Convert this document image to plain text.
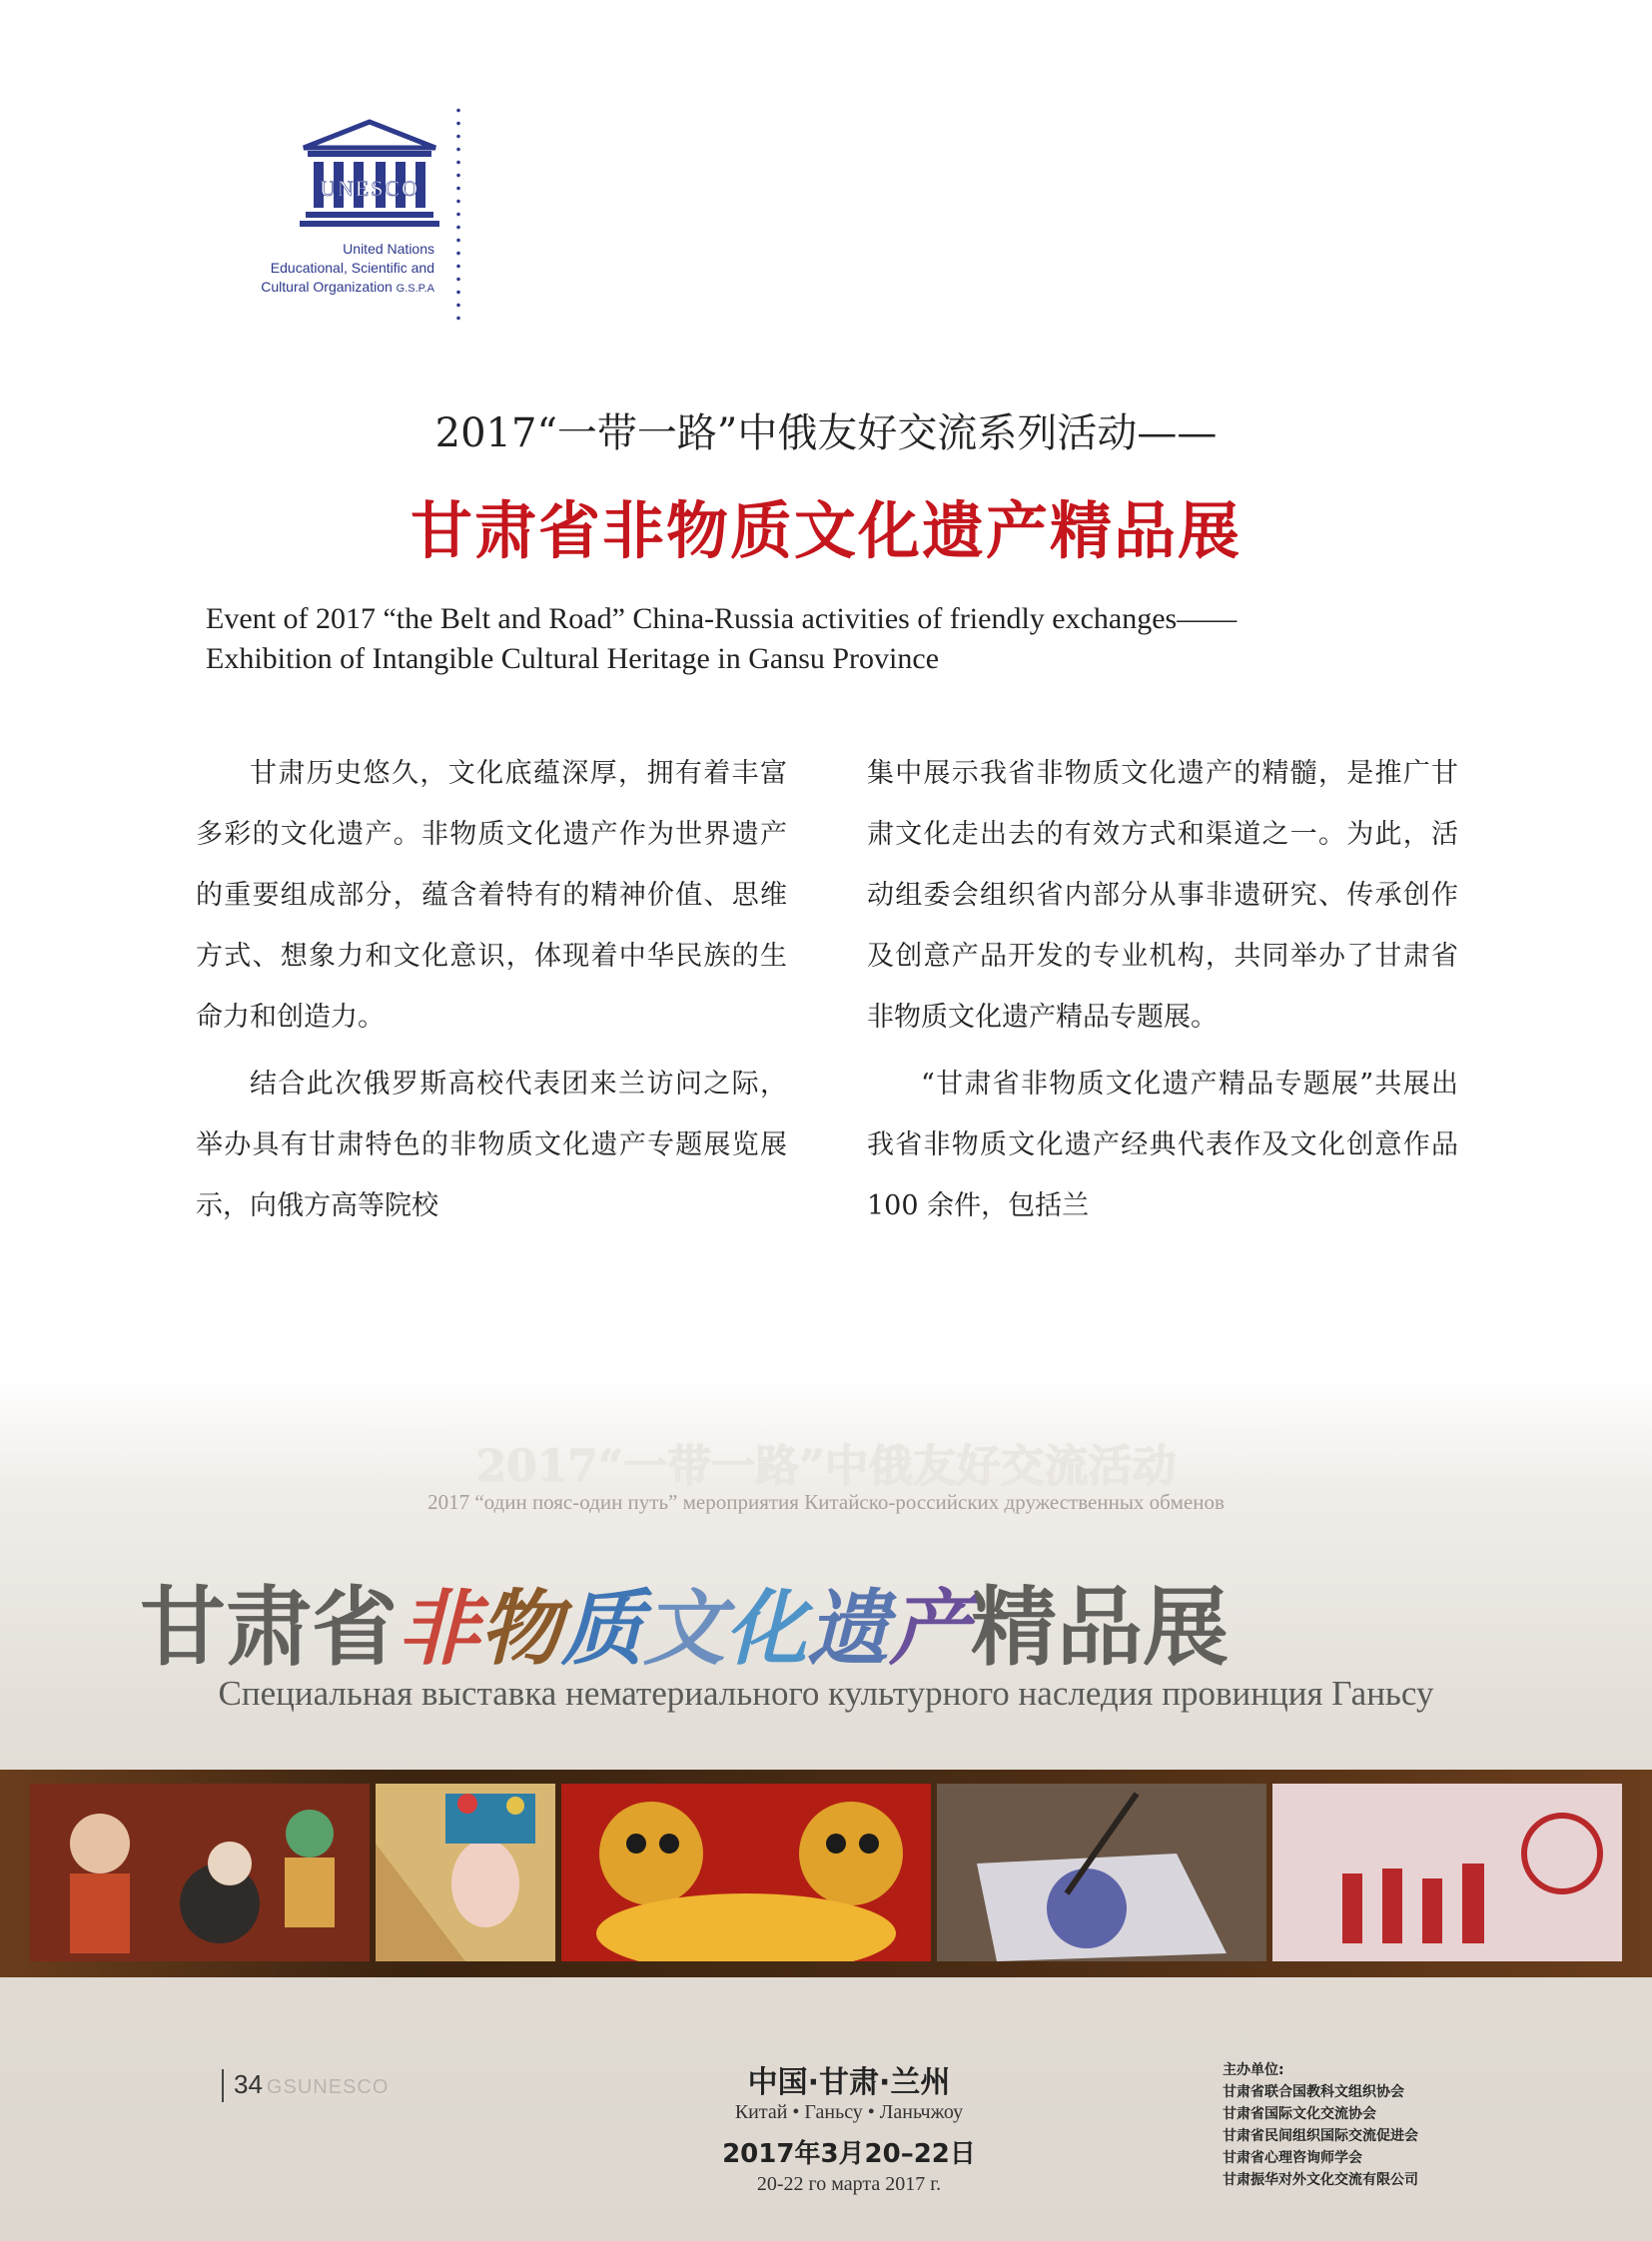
UNESCO
United Nations
Educational, Scientific and
Cultural Organization G.S.P.A
2017“一带一路”中俄友好交流系列活动——
甘肃省非物质文化遗产精品展
Event of 2017 “the Belt and Road” China-Russia activities of friendly exchanges——
Exhibition of Intangible Cultural Heritage in Gansu Province

甘肃历史悠久，文化底蕴深厚，拥有着丰富多彩的文化遗产。非物质文化遗产作为世界遗产的重要组成部分，蕴含着特有的精神价值、思维方式、想象力和文化意识，体现着中华民族的生命力和创造力。

结合此次俄罗斯高校代表团来兰访问之际，举办具有甘肃特色的非物质文化遗产专题展览展示，向俄方高等院校

集中展示我省非物质文化遗产的精髓，是推广甘肃文化走出去的有效方式和渠道之一。为此，活动组委会组织省内部分从事非遗研究、传承创作及创意产品开发的专业机构，共同举办了甘肃省非物质文化遗产精品专题展。

“甘肃省非物质文化遗产精品专题展”共展出我省非物质文化遗产经典代表作及文化创意作品 100 余件，包括兰

2017“一带一路”中俄友好交流活动
2017 “один пояс-один путь” мероприятия Китайско-российских дружественных обменов
甘肃省非物质文化遗产精品展
Специальная выставка нематериального культурного наследия провинция Ганьсу
34 GSUNESCO	中国·甘肃·兰州
Китай • Ганьсу • Ланьчжоу
2017年3月20–22日
20-22 го марта 2017 г.
主办单位:
甘肃省联合国教科文组织协会
甘肃省国际文化交流协会
甘肃省民间组织国际交流促进会
甘肃省心理咨询师学会
甘肃振华对外文化交流有限公司
